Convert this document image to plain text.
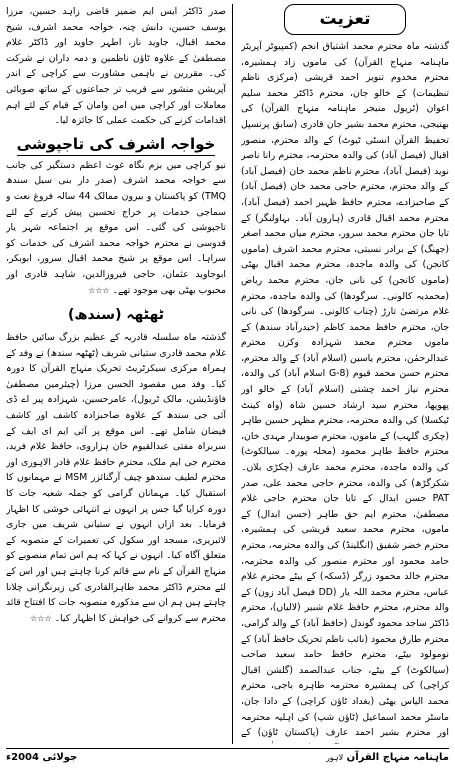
تعزیت

گذشتہ ماہ محترم محمد اشتیاق انجم (کمپیوٹر آپریٹر ماہنامہ منہاج القرآن) کی ماموں زاد ہمشیرہ، محترم مخدوم تنویر احمد قریشی (مرکزی ناظم تنظیمات) کے خالو جان، محترم ڈاکٹر محمد سلیم اعوان (ٹریول منیجر ماہنامہ منہاج القرآن) کی بھتیجی، محترم محمد بشیر جان قادری (سابق پرنسپل تحفیظ القرآن انسٹی ٹیوٹ) کے والد محترم، منصور اقبال (فیصل آباد) کی والدہ محترمہ، محترم رانا ناصر نوید (فیصل آباد)، محترم ناظم محمد خان (فیصل آباد) کے والد محترم، محترم حاجی محمد خان (فیصل آباد) کے صاحبزادے، محترم حافظ ظہیر احمد (فیصل آباد)، محترم محمد اقبال قادری (ہارون آباد۔ بہاولنگر) کے تایا جان محترم محمد سرور، محترم میاں محمد اصغر (جھنگ) کے برادر نسبتی، محترم محمد اشرف (ماموں کانجن) کی والدہ ماجدہ، محترم محمد اقبال بھٹی (ماموں کانجن) کی نانی جان، محترم محمد ریاض (محمدیہ کالونی۔ سرگودھا) کی والدہ ماجدہ، محترم غلام مرتضیٰ تارڑ (چناب کالونی۔ سرگودھا) کی نانی جان، محترم حافظ محمد کاظم (حیدرآباد سندھ) کے ماموں محترم محمد شہزادہ وکزن محترم عبدالرحمٰن، محترم یاسین (اسلام آباد) کے والد محترم، محترم حسن محمد قیوم (G-8 اسلام آباد) کی والدہ، محترم نیاز احمد چشتی (اسلام آباد) کے خالو اور پھوپھا، محترم سید ارشاد حسین شاہ (واہ کینٹ ٹیکسلا) کی والدہ محترمہ، محترم مظہر حسین طاہر (چکری گلہب) کے ماموں، محترم صوبیدار مہدی خان، محترم حافظ طاہر محمود (محلہ پورہ۔ سیالکوٹ) کی والدہ ماجدہ، محترم محمد عارف (چکڑی بلاں۔ شکرگڑھ) کی والدہ، محترم حاجی محمد علی، صدر PAT حسن ابدال کے تایا جان محترم حاجی غلام مصطفیٰ، محترم ایم حق طاہر (حسن ابدال) کے ماموں، محترم محمد سعید قریشی کی ہمشیرہ، محترم خضر شفیق (انگلینڈ) کی والدہ محترمہ، محترم حامد محمود اور محترم منصور کی والدہ محترمہ، محترم خالد محمود زرگر (ڈسکہ) کے بیٹے محترم غلام عباس، محترم محمد اللہ یار (DD فیصل آباد زون) کے والد محترم، محترم حافظ غلام شبیر (لالیاں)، محترم ڈاکٹر ساجد محمود گوندل (حافظ آباد) کے والد گرامی، محترم طارق محمود (نائب ناظم تحریک حافظ آباد) کے نومولود بیٹے، محترم حافظ حامد سعید صاحب (سیالکوٹ) کے بیٹے، جناب عبدالصمد (گلشن اقبال کراچی) کی ہمشیرہ محترمہ طاہرہ باجی، محترم محمد الیاس بھٹی (بغداد ٹاؤن کراچی) کے دادا جان، ماسٹر محمد اسماعیل (ٹاؤن شپ) کی اہلیہ محترمہ اور محترم بشیر احمد عارف (پاکستان ٹاؤن) کے

صدر ڈاکٹر ایس ایم ضمیر قاضی زاہد حسین، مرزا یوسف حسین، دانش چنہ، خواجہ محمد اشرف، شیخ محمد اقبال، جاوید ناز، اطہر جاوید اور ڈاکٹر غلام مصطفیٰ کے علاوہ ٹاؤن ناظمین و دمہ داران نے شرکت کی۔ مقررین نے باہمی مشاورت سے کراچی کے اندر آپریشن منشور سے قریب تر جماعتوں کے ساتھ صوبائی معاملات اور کراچی میں امن وامان کے قیام کے لئے اہم اقدامات کرنے کی حکمت عملی کا جائزہ لیا۔

خواجہ اشرف کی تاجپوشی

نیو کراچی میں بزم نگاہ غوث اعظم دستگیر کی جانب سے خواجہ محمد اشرف (صدر دار بنی سیل سندھ TMQ) کو پاکستان و بیرون ممالک 44 سالہ فروغ نعت و سماجی خدمات پر خراج تحسین پیش کرنے کے لئے تاجپوشی کی گئی۔ اس موقع پر اجتماعہ شہر یار قدوسی نے محترم خواجہ محمد اشرف کی خدمات کو سراہا۔ اس موقع پر شیخ محمد اقبال سرور، ابوبکر، ابوجاوید عثمان، حاجی فیروزالدین، شاہد قادری اور محبوب بھٹی بھی موجود تھے۔ ☆☆☆

ٹھٹھہ (سندھ)

گذشتہ ماہ سلسلہ قادریہ کے عظیم بزرگ سائیں حافظ غلام محمد قادری ستیانی شریف (ٹھٹھہ سندھ) نے وفد کے ہمراہ مرکزی سیکرٹریٹ تحریک منہاج القرآن کا دورہ کیا۔ وفد میں مقصود الحسن مرزا (چیئرمین مصطفیٰ فاؤنڈیشن، مالک ٹریول)، عامرحسین، شہزادہ پیر اے ڈی آئی جی سندھ کے علاوہ صاحبزادہ کاشف اور کاشف فیضان شامل تھے۔ اس موقع پر آئی ایم ای ایف کے سربراہ مفتی عبدالقیوم خان ہزاروی، حافظ غلام فرید، محترم جی ایم ملک، محترم حافظ غلام قادر الاہوری اور محترم لطیف سندھو چیف آرگنائزر MSM نے مہمانوں کا استقبال کیا۔ مہمانان گرامی کو جملہ شعبہ جات کا دورہ کرایا گیا جس پر انہوں نے انتہائی خوشی کا اظہار فرمایا۔ بعد ازاں انہوں نے ستیانی شریف میں جاری لائبریری، مسجد اور سکول کی تعمیرات کے منصوبہ کے متعلق آگاہ کیا۔ انہوں نے کہا کہ ہم اس تمام منصوبے کو منہاج القرآن کے نام سے قائم کرنا چاہتے ہیں اور اس کے لئے محترم ڈاکٹر محمد طاہرالقادری کی زیرنگرانی چلانا چاہتے ہیں ہم ان سے مذکورہ منصوبہ جات کا افتتاح قائد محترم سے کروانے کی خواہش کا اظہار کیا۔ ☆☆☆

جولائی 2004ء	ماہنامہ منہاج القرآن لاہور
